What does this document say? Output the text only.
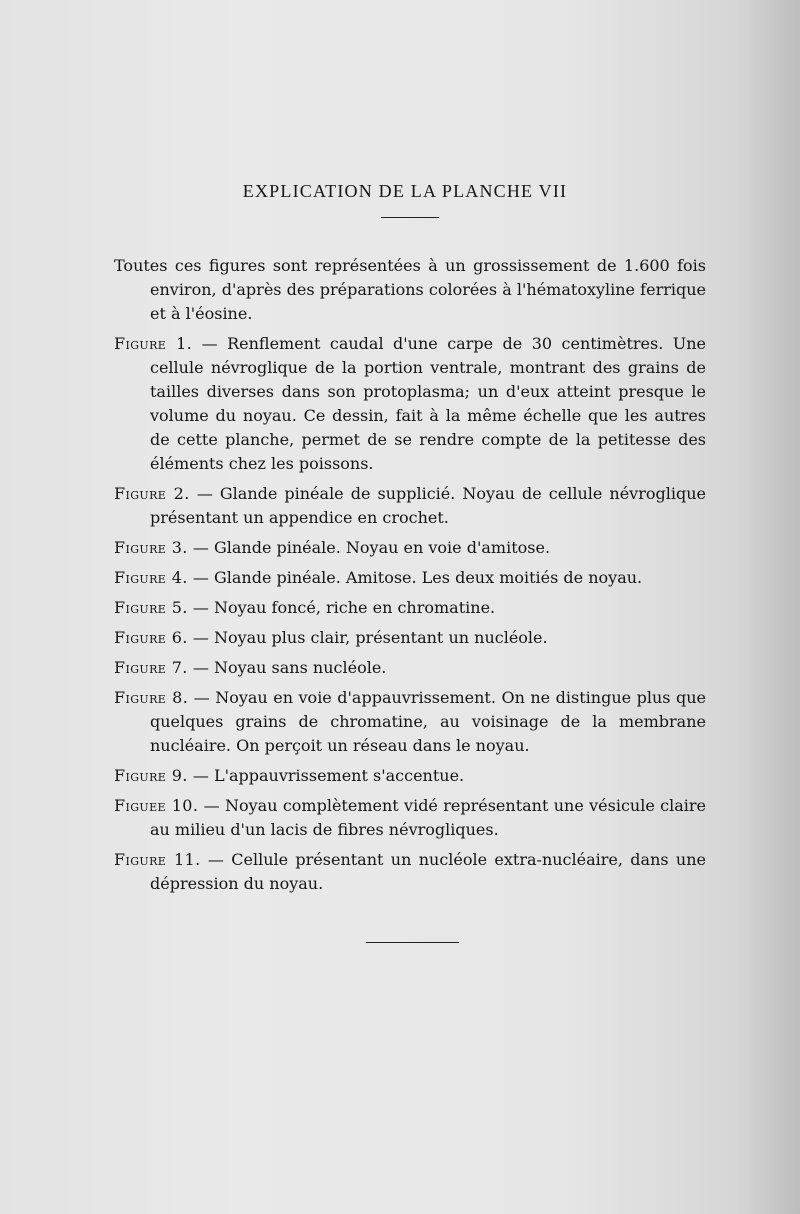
EXPLICATION DE LA PLANCHE VII

Toutes ces figures sont représentées à un grossissement de 1.600 fois environ, d'après des préparations colorées à l'hématoxyline ferrique et à l'éosine.

Figure 1. — Renflement caudal d'une carpe de 30 centimètres. Une cellule névroglique de la portion ventrale, montrant des grains de tailles diverses dans son protoplasma; un d'eux atteint presque le volume du noyau. Ce dessin, fait à la même échelle que les autres de cette planche, permet de se rendre compte de la petitesse des éléments chez les poissons.

Figure 2. — Glande pinéale de supplicié. Noyau de cellule névroglique présentant un appendice en crochet.

Figure 3. — Glande pinéale. Noyau en voie d'amitose.

Figure 4. — Glande pinéale. Amitose. Les deux moitiés de noyau.

Figure 5. — Noyau foncé, riche en chromatine.

Figure 6. — Noyau plus clair, présentant un nucléole.

Figure 7. — Noyau sans nucléole.

Figure 8. — Noyau en voie d'appauvrissement. On ne distingue plus que quelques grains de chromatine, au voisinage de la membrane nucléaire. On perçoit un réseau dans le noyau.

Figure 9. — L'appauvrissement s'accentue.

Figuee 10. — Noyau complètement vidé représentant une vésicule claire au milieu d'un lacis de fibres névrogliques.

Figure 11. — Cellule présentant un nucléole extra-nucléaire, dans une dépression du noyau.
